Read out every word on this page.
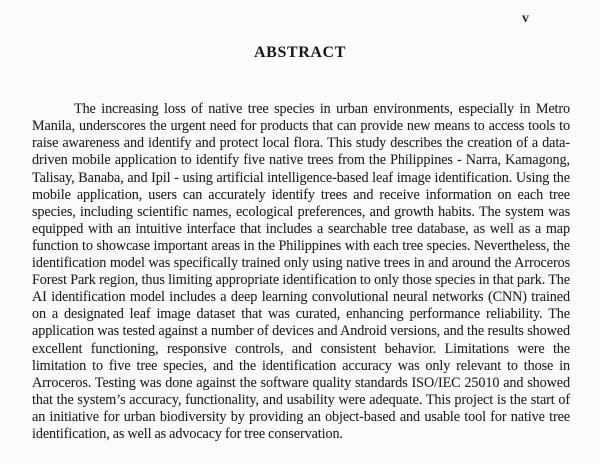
v
ABSTRACT

The increasing loss of native tree species in urban environments, especially in Metro Manila, underscores the urgent need for products that can provide new means to access tools to raise awareness and identify and protect local flora. This study describes the creation of a data-driven mobile application to identify five native trees from the Philippines - Narra, Kamagong, Talisay, Banaba, and Ipil - using artificial intelligence-based leaf image identification. Using the mobile application, users can accurately identify trees and receive information on each tree species, including scientific names, ecological preferences, and growth habits. The system was equipped with an intuitive interface that includes a searchable tree database, as well as a map function to showcase important areas in the Philippines with each tree species. Nevertheless, the identification model was specifically trained only using native trees in and around the Arroceros Forest Park region, thus limiting appropriate identification to only those species in that park. The AI identification model includes a deep learning convolutional neural networks (CNN) trained on a designated leaf image dataset that was curated, enhancing performance reliability. The application was tested against a number of devices and Android versions, and the results showed excellent functioning, responsive controls, and consistent behavior. Limitations were the limitation to five tree species, and the identification accuracy was only relevant to those in Arroceros. Testing was done against the software quality standards ISO/IEC 25010 and showed that the system’s accuracy, functionality, and usability were adequate. This project is the start of an initiative for urban biodiversity by providing an object-based and usable tool for native tree identification, as well as advocacy for tree conservation.
